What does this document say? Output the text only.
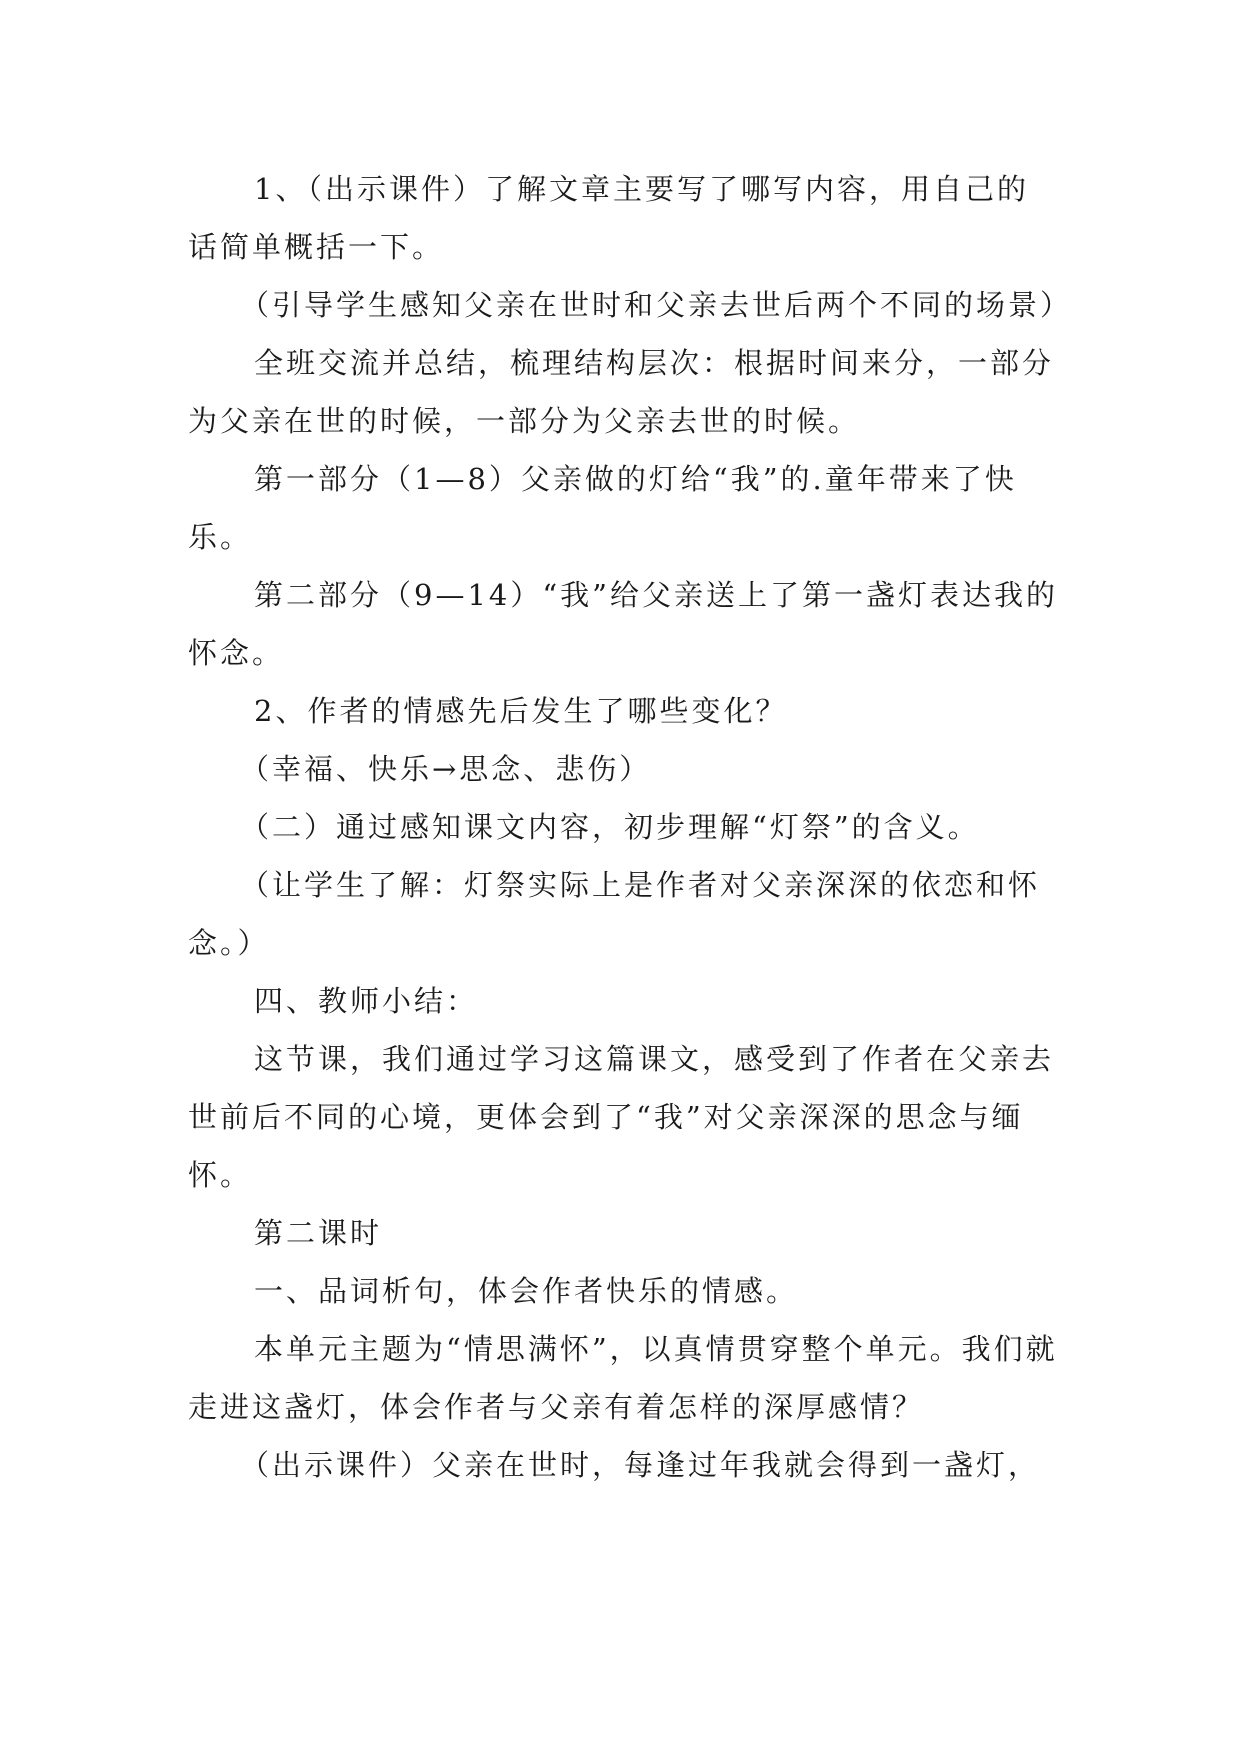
1、（出示课件）了解文章主要写了哪写内容，用自己的话简单概括一下。

（引导学生感知父亲在世时和父亲去世后两个不同的场景）

全班交流并总结，梳理结构层次：根据时间来分，一部分为父亲在世的时候，一部分为父亲去世的时候。

第一部分（1—8）父亲做的灯给“我”的.童年带来了快乐。

第二部分（9—14）“我”给父亲送上了第一盏灯表达我的怀念。

2、作者的情感先后发生了哪些变化？

（幸福、快乐→思念、悲伤）

（二）通过感知课文内容，初步理解“灯祭”的含义。

（让学生了解：灯祭实际上是作者对父亲深深的依恋和怀念。）

四、教师小结：

这节课，我们通过学习这篇课文，感受到了作者在父亲去世前后不同的心境，更体会到了“我”对父亲深深的思念与缅怀。

第二课时

一、品词析句，体会作者快乐的情感。

本单元主题为“情思满怀”，以真情贯穿整个单元。我们就走进这盏灯，体会作者与父亲有着怎样的深厚感情？

（出示课件）父亲在世时，每逢过年我就会得到一盏灯，
